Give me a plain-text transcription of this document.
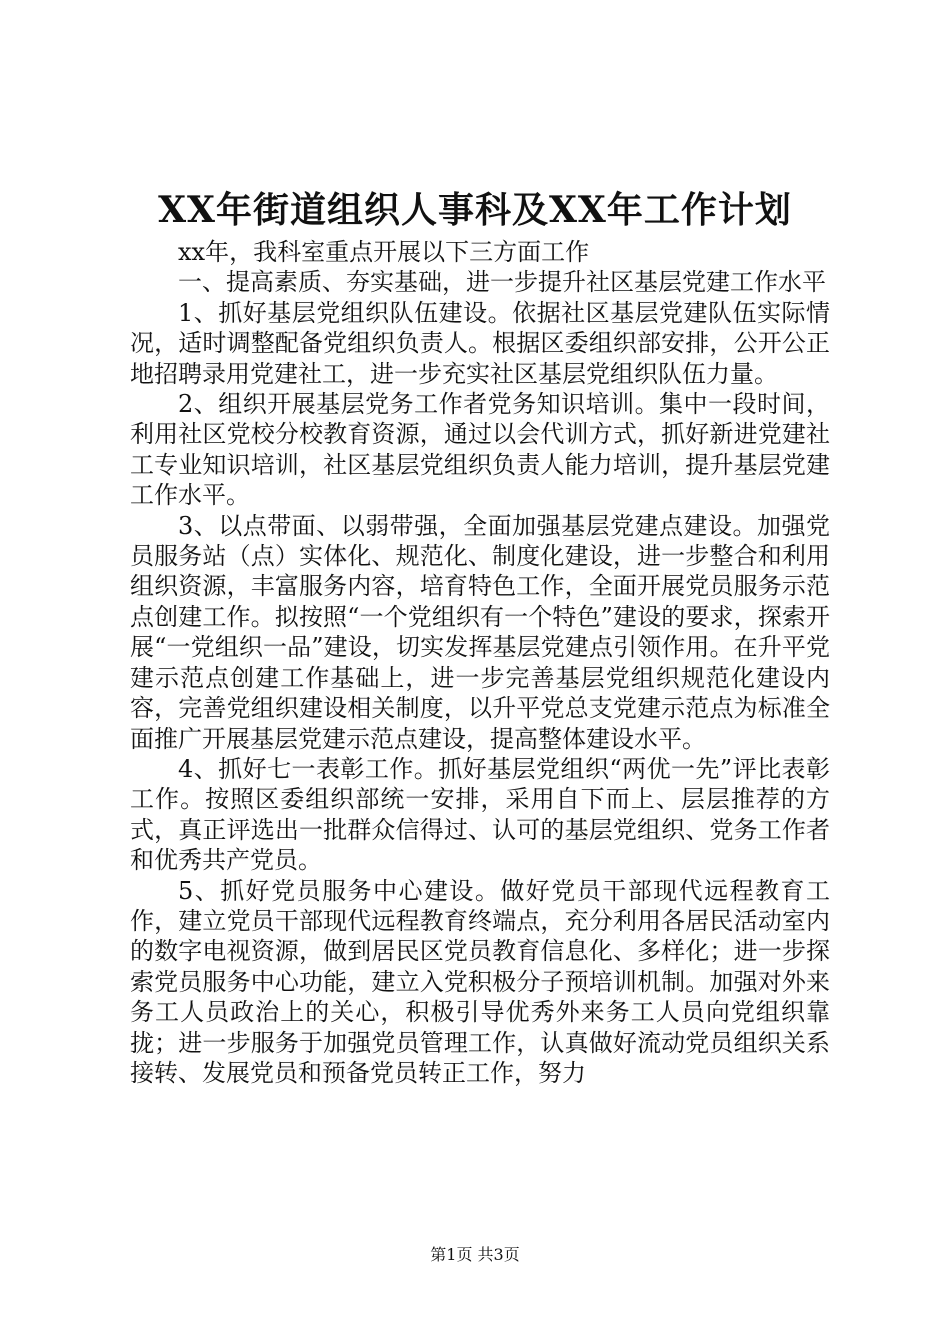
XX年街道组织人事科及XX年工作计划

xx年，我科室重点开展以下三方面工作

一、提高素质、夯实基础，进一步提升社区基层党建工作水平

1、抓好基层党组织队伍建设。依据社区基层党建队伍实际情况，适时调整配备党组织负责人。根据区委组织部安排，公开公正地招聘录用党建社工，进一步充实社区基层党组织队伍力量。

2、组织开展基层党务工作者党务知识培训。集中一段时间，利用社区党校分校教育资源，通过以会代训方式，抓好新进党建社工专业知识培训，社区基层党组织负责人能力培训，提升基层党建工作水平。

3、以点带面、以弱带强，全面加强基层党建点建设。加强党员服务站（点）实体化、规范化、制度化建设，进一步整合和利用组织资源，丰富服务内容，培育特色工作，全面开展党员服务示范点创建工作。拟按照“一个党组织有一个特色”建设的要求，探索开展“一党组织一品”建设，切实发挥基层党建点引领作用。在升平党建示范点创建工作基础上，进一步完善基层党组织规范化建设内容，完善党组织建设相关制度，以升平党总支党建示范点为标准全面推广开展基层党建示范点建设，提高整体建设水平。

4、抓好七一表彰工作。抓好基层党组织“两优一先”评比表彰工作。按照区委组织部统一安排，采用自下而上、层层推荐的方式，真正评选出一批群众信得过、认可的基层党组织、党务工作者和优秀共产党员。

5、抓好党员服务中心建设。做好党员干部现代远程教育工作，建立党员干部现代远程教育终端点，充分利用各居民活动室内的数字电视资源，做到居民区党员教育信息化、多样化；进一步探索党员服务中心功能，建立入党积极分子预培训机制。加强对外来务工人员政治上的关心，积极引导优秀外来务工人员向党组织靠拢；进一步服务于加强党员管理工作，认真做好流动党员组织关系接转、发展党员和预备党员转正工作，努力

第1页 共3页
